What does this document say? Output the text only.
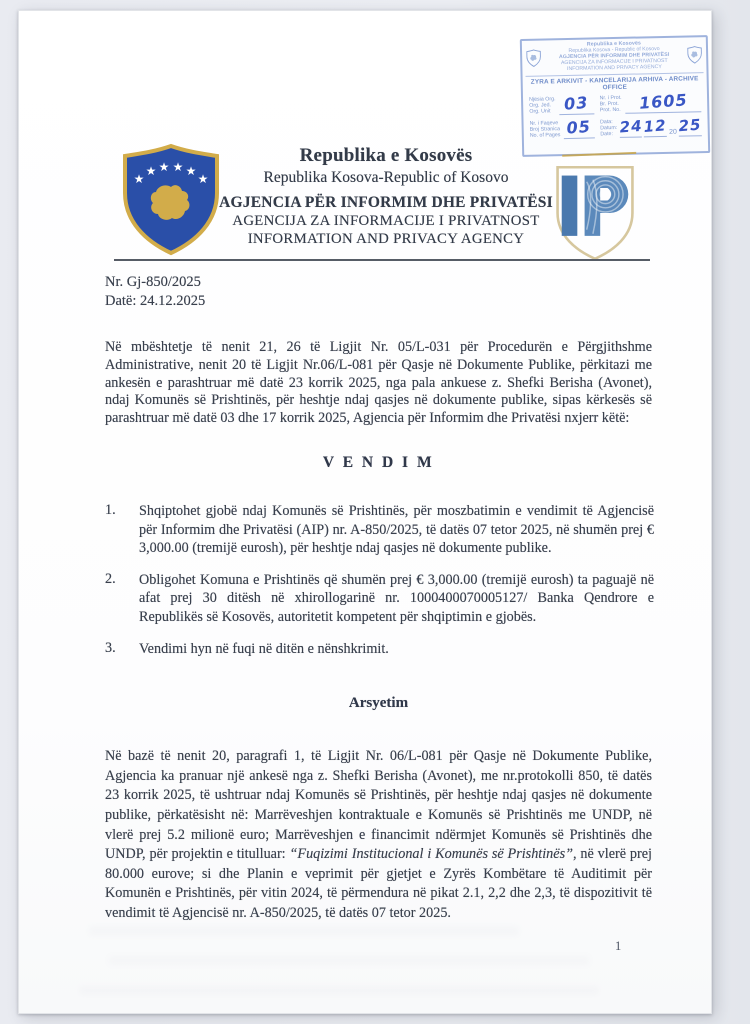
Republika e Kosovës
Republika Kosova - Republic of Kosovo
AGJENCIA PËR INFORMIM DHE PRIVATËSI
AGENCIJA ZA INFORMACIJE I PRIVATNOST
INFORMATION AND PRIVACY AGENCY
ZYRA E ARKIVIT - KANCELARIJA ARHIVA - ARCHIVE OFFICE
Njësia Org.
Org. Jed.
Org. Unit 03	Nr. i Prot.
Br. Prot.
Prot. No.	1605
Nr. i Faqeve
Broj Stranica
No. of Pages 05	Data:
Datum:
Date: 24 12 20 25
★
★ ★ ★ ★
★
Republika e Kosovës
Republika Kosova-Republic of Kosovo
AGJENCIA PËR INFORMIM DHE PRIVATËSI
AGENCIJA ZA INFORMACIJE I PRIVATNOST
INFORMATION AND PRIVACY AGENCY
Nr. Gj-850/2025
Datë: 24.12.2025

Në mbështetje të nenit 21, 26 të Ligjit Nr. 05/L-031 për Procedurën e Përgjithshme Administrative, nenit 20 të Ligjit Nr.06/L-081 për Qasje në Dokumente Publike, përkitazi me ankesën e parashtruar më datë 23 korrik 2025, nga pala ankuese z. Shefki Berisha (Avonet), ndaj Komunës së Prishtinës, për heshtje ndaj qasjes në dokumente publike, sipas kërkesës së parashtruar më datë 03 dhe 17 korrik 2025, Agjencia për Informim dhe Privatësi nxjerr këtë:

V E N D I M
1.	Shqiptohet gjobë ndaj Komunës së Prishtinës, për moszbatimin e vendimit të Agjencisë për Informim dhe Privatësi (AIP) nr. A-850/2025, të datës 07 tetor 2025, në shumën prej € 3,000.00 (tremijë eurosh), për heshtje ndaj qasjes në dokumente publike.
2.	Obligohet Komuna e Prishtinës që shumën prej € 3,000.00 (tremijë eurosh) ta paguajë në afat prej 30 ditësh në xhirollogarinë nr. 1000400070005127/ Banka Qendrore e Republikës së Kosovës, autoritetit kompetent për shqiptimin e gjobës.
3.	Vendimi hyn në fuqi në ditën e nënshkrimit.
Arsyetim

Në bazë të nenit 20, paragrafi 1, të Ligjit Nr. 06/L-081 për Qasje në Dokumente Publike, Agjencia ka pranuar një ankesë nga z. Shefki Berisha (Avonet), me nr.protokolli 850, të datës 23 korrik 2025, të ushtruar ndaj Komunës së Prishtinës, për heshtje ndaj qasjes në dokumente publike, përkatësisht në: Marrëveshjen kontraktuale e Komunës së Prishtinës me UNDP, në vlerë prej 5.2 milionë euro; Marrëveshjen e financimit ndërmjet Komunës së Prishtinës dhe UNDP, për projektin e titulluar: “Fuqizimi Institucional i Komunës së Prishtinës”, në vlerë prej 80.000 eurove; si dhe Planin e veprimit për gjetjet e Zyrës Kombëtare të Auditimit për Komunën e Prishtinës, për vitin 2024, të përmendura në pikat 2.1, 2,2 dhe 2,3, të dispozitivit të vendimit të Agjencisë nr. A-850/2025, të datës 07 tetor 2025.

1
